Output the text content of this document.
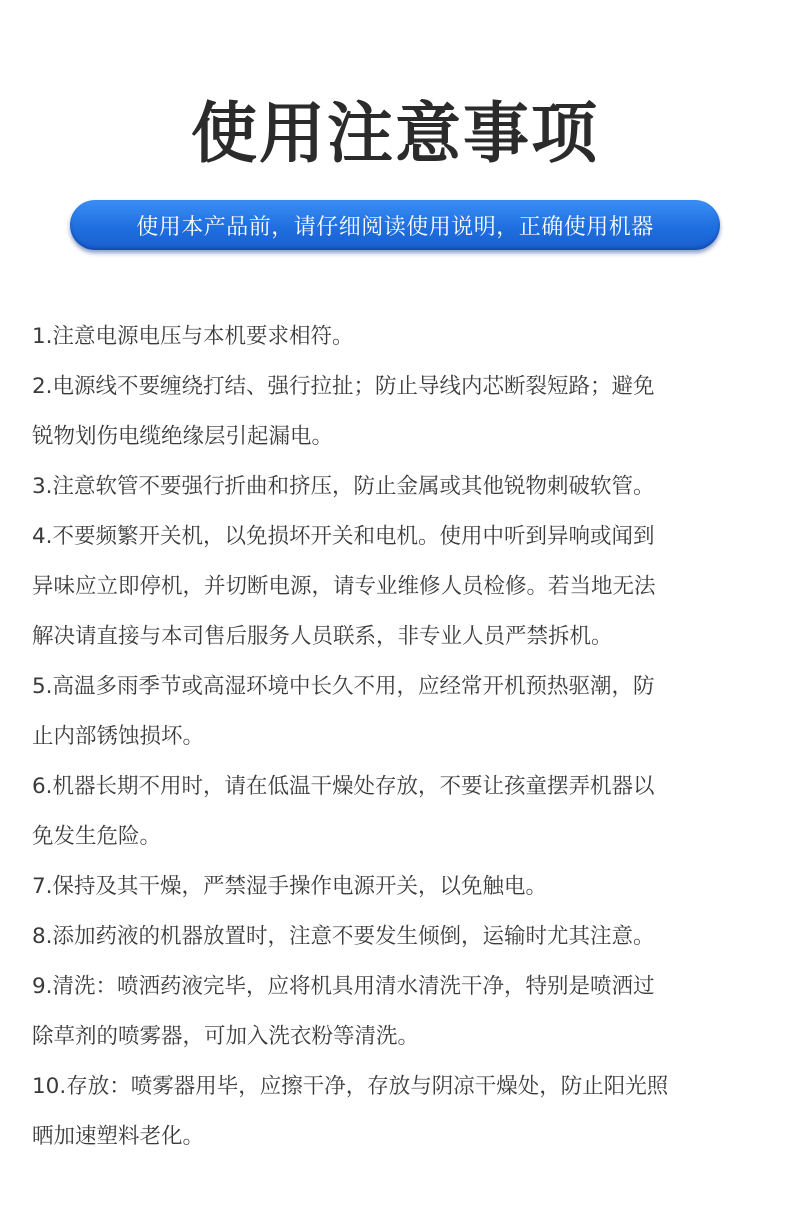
使用注意事项
使用本产品前，请仔细阅读使用说明，正确使用机器
1.注意电源电压与本机要求相符。
2.电源线不要缠绕打结、强行拉扯；防止导线内芯断裂短路；避免
锐物划伤电缆绝缘层引起漏电。
3.注意软管不要强行折曲和挤压，防止金属或其他锐物刺破软管。
4.不要频繁开关机，以免损坏开关和电机。使用中听到异响或闻到
异味应立即停机，并切断电源，请专业维修人员检修。若当地无法
解决请直接与本司售后服务人员联系，非专业人员严禁拆机。
5.高温多雨季节或高湿环境中长久不用，应经常开机预热驱潮，防
止内部锈蚀损坏。
6.机器长期不用时，请在低温干燥处存放，不要让孩童摆弄机器以
免发生危险。
7.保持及其干燥，严禁湿手操作电源开关，以免触电。
8.添加药液的机器放置时，注意不要发生倾倒，运输时尤其注意。
9.清洗：喷洒药液完毕，应将机具用清水清洗干净，特别是喷洒过
除草剂的喷雾器，可加入洗衣粉等清洗。
10.存放：喷雾器用毕，应擦干净，存放与阴凉干燥处，防止阳光照
晒加速塑料老化。
